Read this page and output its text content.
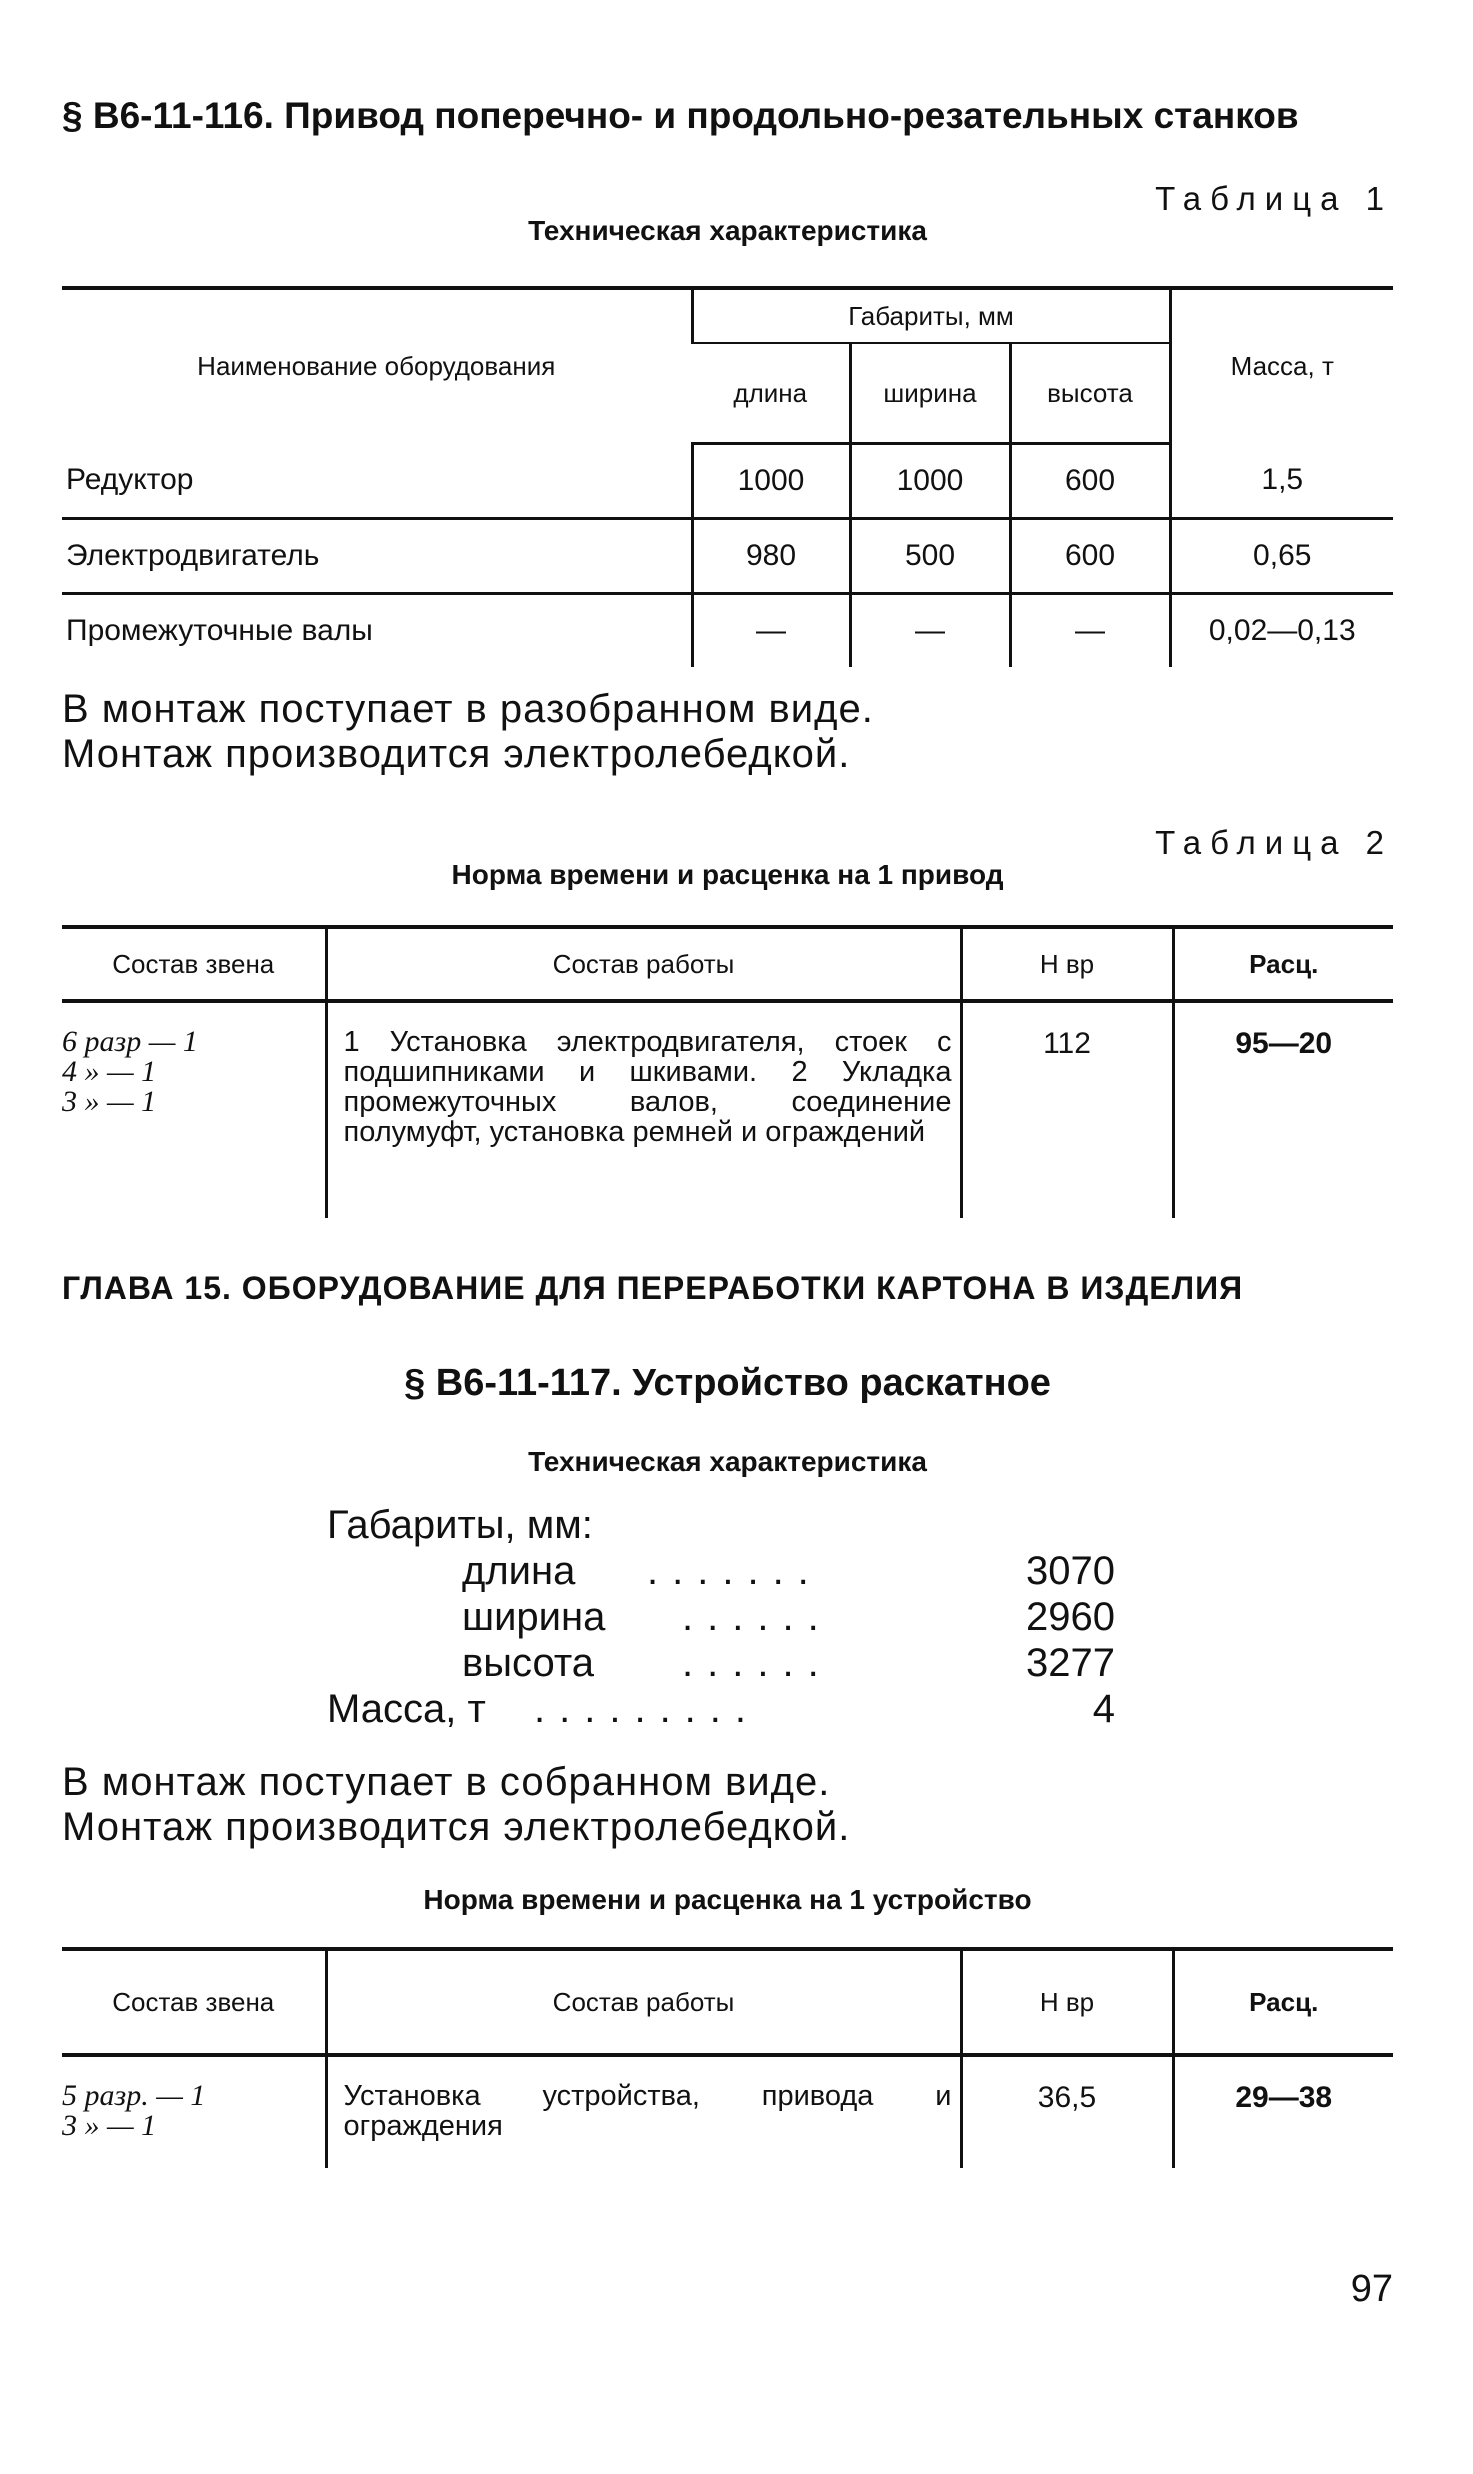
§ В6-11-116. Привод поперечно- и продольно-резательных станков
Таблица 1
Техническая характеристика
Наименование оборудования	Габариты, мм			Масса, т
	длина	ширина	высота	
Редуктор	1000	1000	600	1,5
Электродвигатель	980	500	600	0,65
Промежуточные валы	—	—	—	0,02—0,13
В монтаж поступает в разобранном виде.
Монтаж производится электролебедкой.
Таблица 2
Норма времени и расценка на 1 привод
Состав звена	Состав работы	Н вр	Расц.

6 разр — 1
4 » — 1
3 » — 1	1 Установка электродвигателя, стоек с подшипниками и шкивами. 2 Укладка промежуточных валов, соединение полумуфт, установка ремней и ограждений	112	95—20
ГЛАВА 15. ОБОРУДОВАНИЕ ДЛЯ ПЕРЕРАБОТКИ КАРТОНА В ИЗДЕЛИЯ
§ В6-11-117. Устройство раскатное
Техническая характеристика
Габариты, мм:
длина .......	3070
ширина ......	2960
высота ......	3277
Масса, т .........	4
В монтаж поступает в собранном виде.
Монтаж производится электролебедкой.
Норма времени и расценка на 1 устройство
Состав звена	Состав работы	Н вр	Расц.

5 разр. — 1
3 » — 1	Установка устройства, привода и ограждения	36,5	29—38
97
